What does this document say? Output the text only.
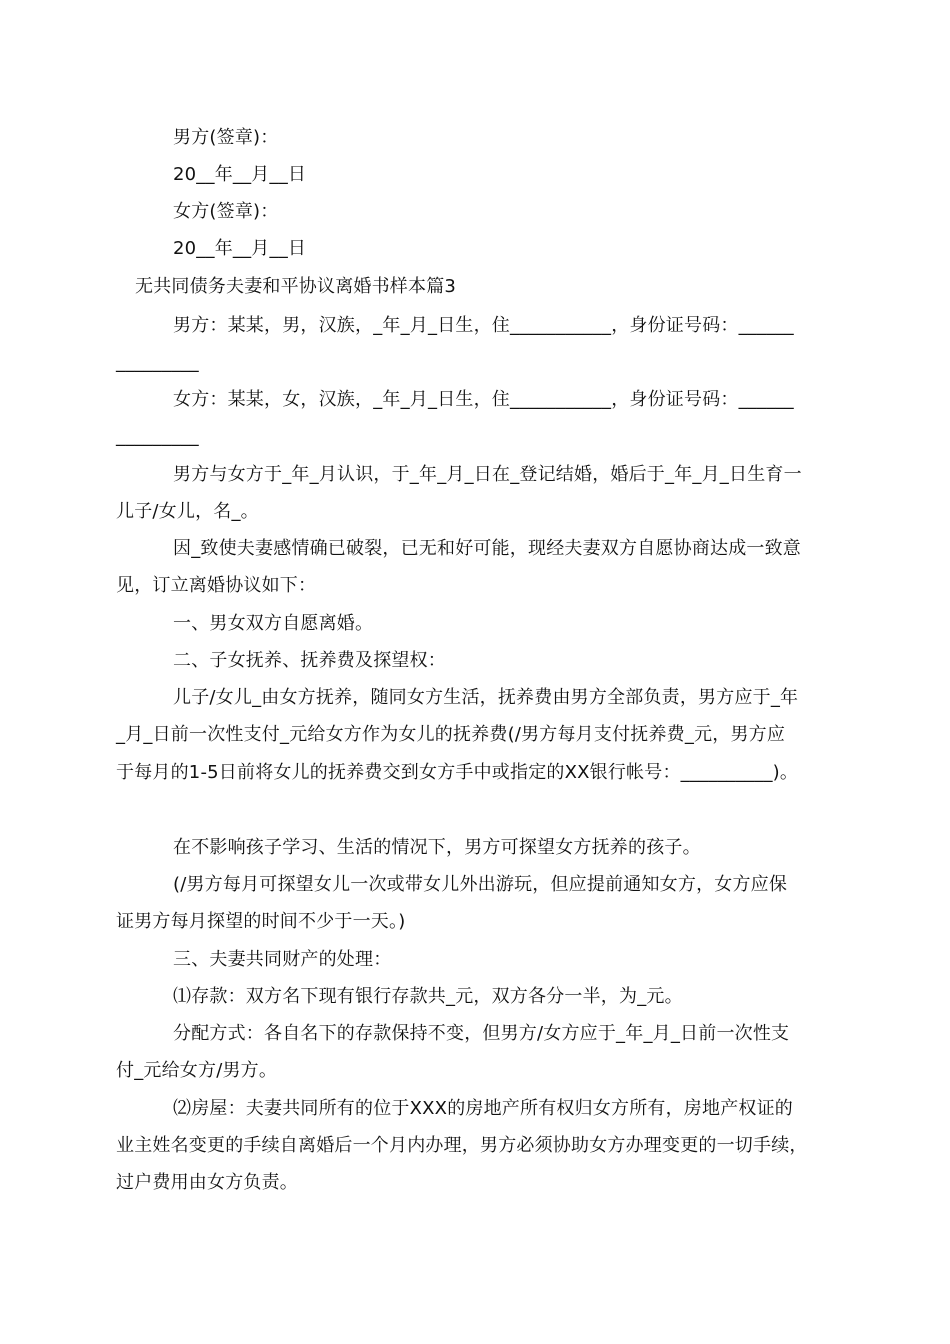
男方(签章)：
20__年__月__日
女方(签章)：
20__年__月__日
无共同债务夫妻和平协议离婚书样本篇3
男方：某某，男，汉族，_年_月_日生，住___________，身份证号码：______
_________
女方：某某，女，汉族，_年_月_日生，住___________，身份证号码：______
_________
男方与女方于_年_月认识，于_年_月_日在_登记结婚，婚后于_年_月_日生育一
儿子/女儿，名_。
因_致使夫妻感情确已破裂，已无和好可能，现经夫妻双方自愿协商达成一致意
见，订立离婚协议如下：
一、男女双方自愿离婚。
二、子女抚养、抚养费及探望权：
儿子/女儿_由女方抚养，随同女方生活，抚养费由男方全部负责，男方应于_年
_月_日前一次性支付_元给女方作为女儿的抚养费(/男方每月支付抚养费_元，男方应
于每月的1-5日前将女儿的抚养费交到女方手中或指定的XX银行帐号：__________)。
在不影响孩子学习、生活的情况下，男方可探望女方抚养的孩子。
(/男方每月可探望女儿一次或带女儿外出游玩，但应提前通知女方，女方应保
证男方每月探望的时间不少于一天。)
三、夫妻共同财产的处理：
⑴存款：双方名下现有银行存款共_元，双方各分一半，为_元。
分配方式：各自名下的存款保持不变，但男方/女方应于_年_月_日前一次性支
付_元给女方/男方。
⑵房屋：夫妻共同所有的位于XXX的房地产所有权归女方所有，房地产权证的
业主姓名变更的手续自离婚后一个月内办理，男方必须协助女方办理变更的一切手续，
过户费用由女方负责。
